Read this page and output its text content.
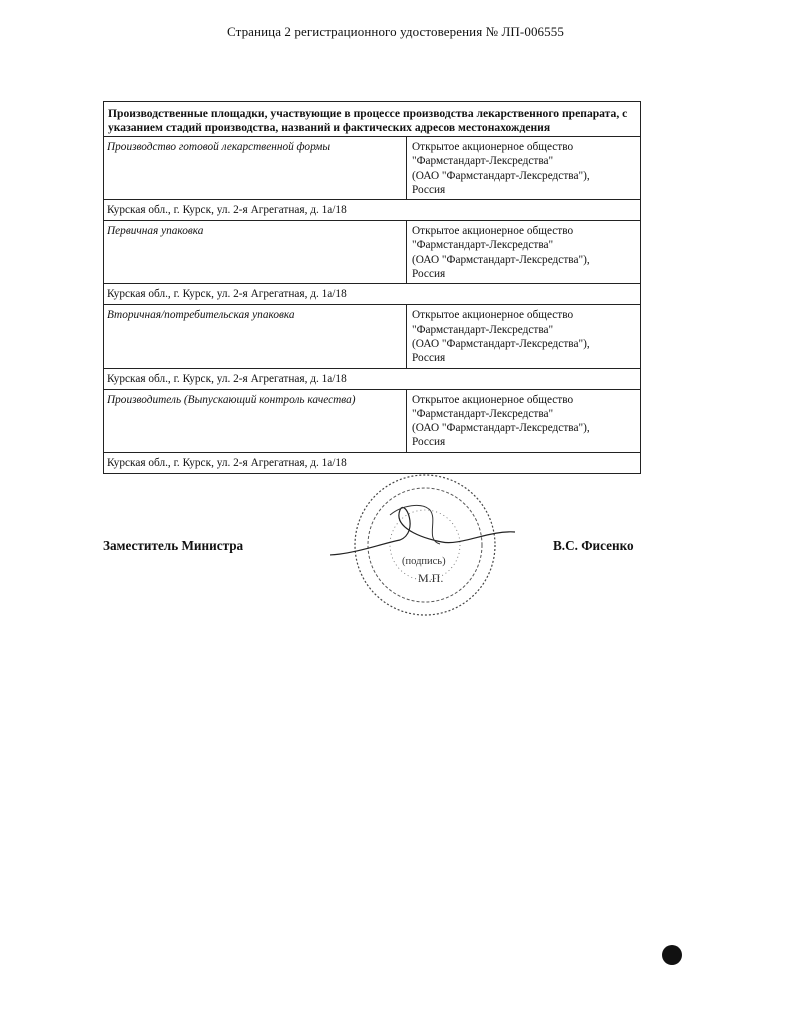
Страница 2 регистрационного удостоверения № ЛП-006555
Производственные площадки, участвующие в процессе производства лекарственного препарата, с указанием стадий производства, названий и фактических адресов местонахождения
Производство готовой лекарственной формы	Открытое акционерное общество
"Фармстандарт-Лексредства"
(ОАО "Фармстандарт-Лексредства"),
Россия
Курская обл., г. Курск, ул. 2-я Агрегатная, д. 1а/18
Первичная упаковка	Открытое акционерное общество
"Фармстандарт-Лексредства"
(ОАО "Фармстандарт-Лексредства"),
Россия
Курская обл., г. Курск, ул. 2-я Агрегатная, д. 1а/18
Вторичная/потребительская упаковка	Открытое акционерное общество
"Фармстандарт-Лексредства"
(ОАО "Фармстандарт-Лексредства"),
Россия
Курская обл., г. Курск, ул. 2-я Агрегатная, д. 1а/18
Производитель (Выпускающий контроль качества)	Открытое акционерное общество
"Фармстандарт-Лексредства"
(ОАО "Фармстандарт-Лексредства"),
Россия
Курская обл., г. Курск, ул. 2-я Агрегатная, д. 1а/18
(подпись)
М.П.
Заместитель Министра	В.С. Фисенко
